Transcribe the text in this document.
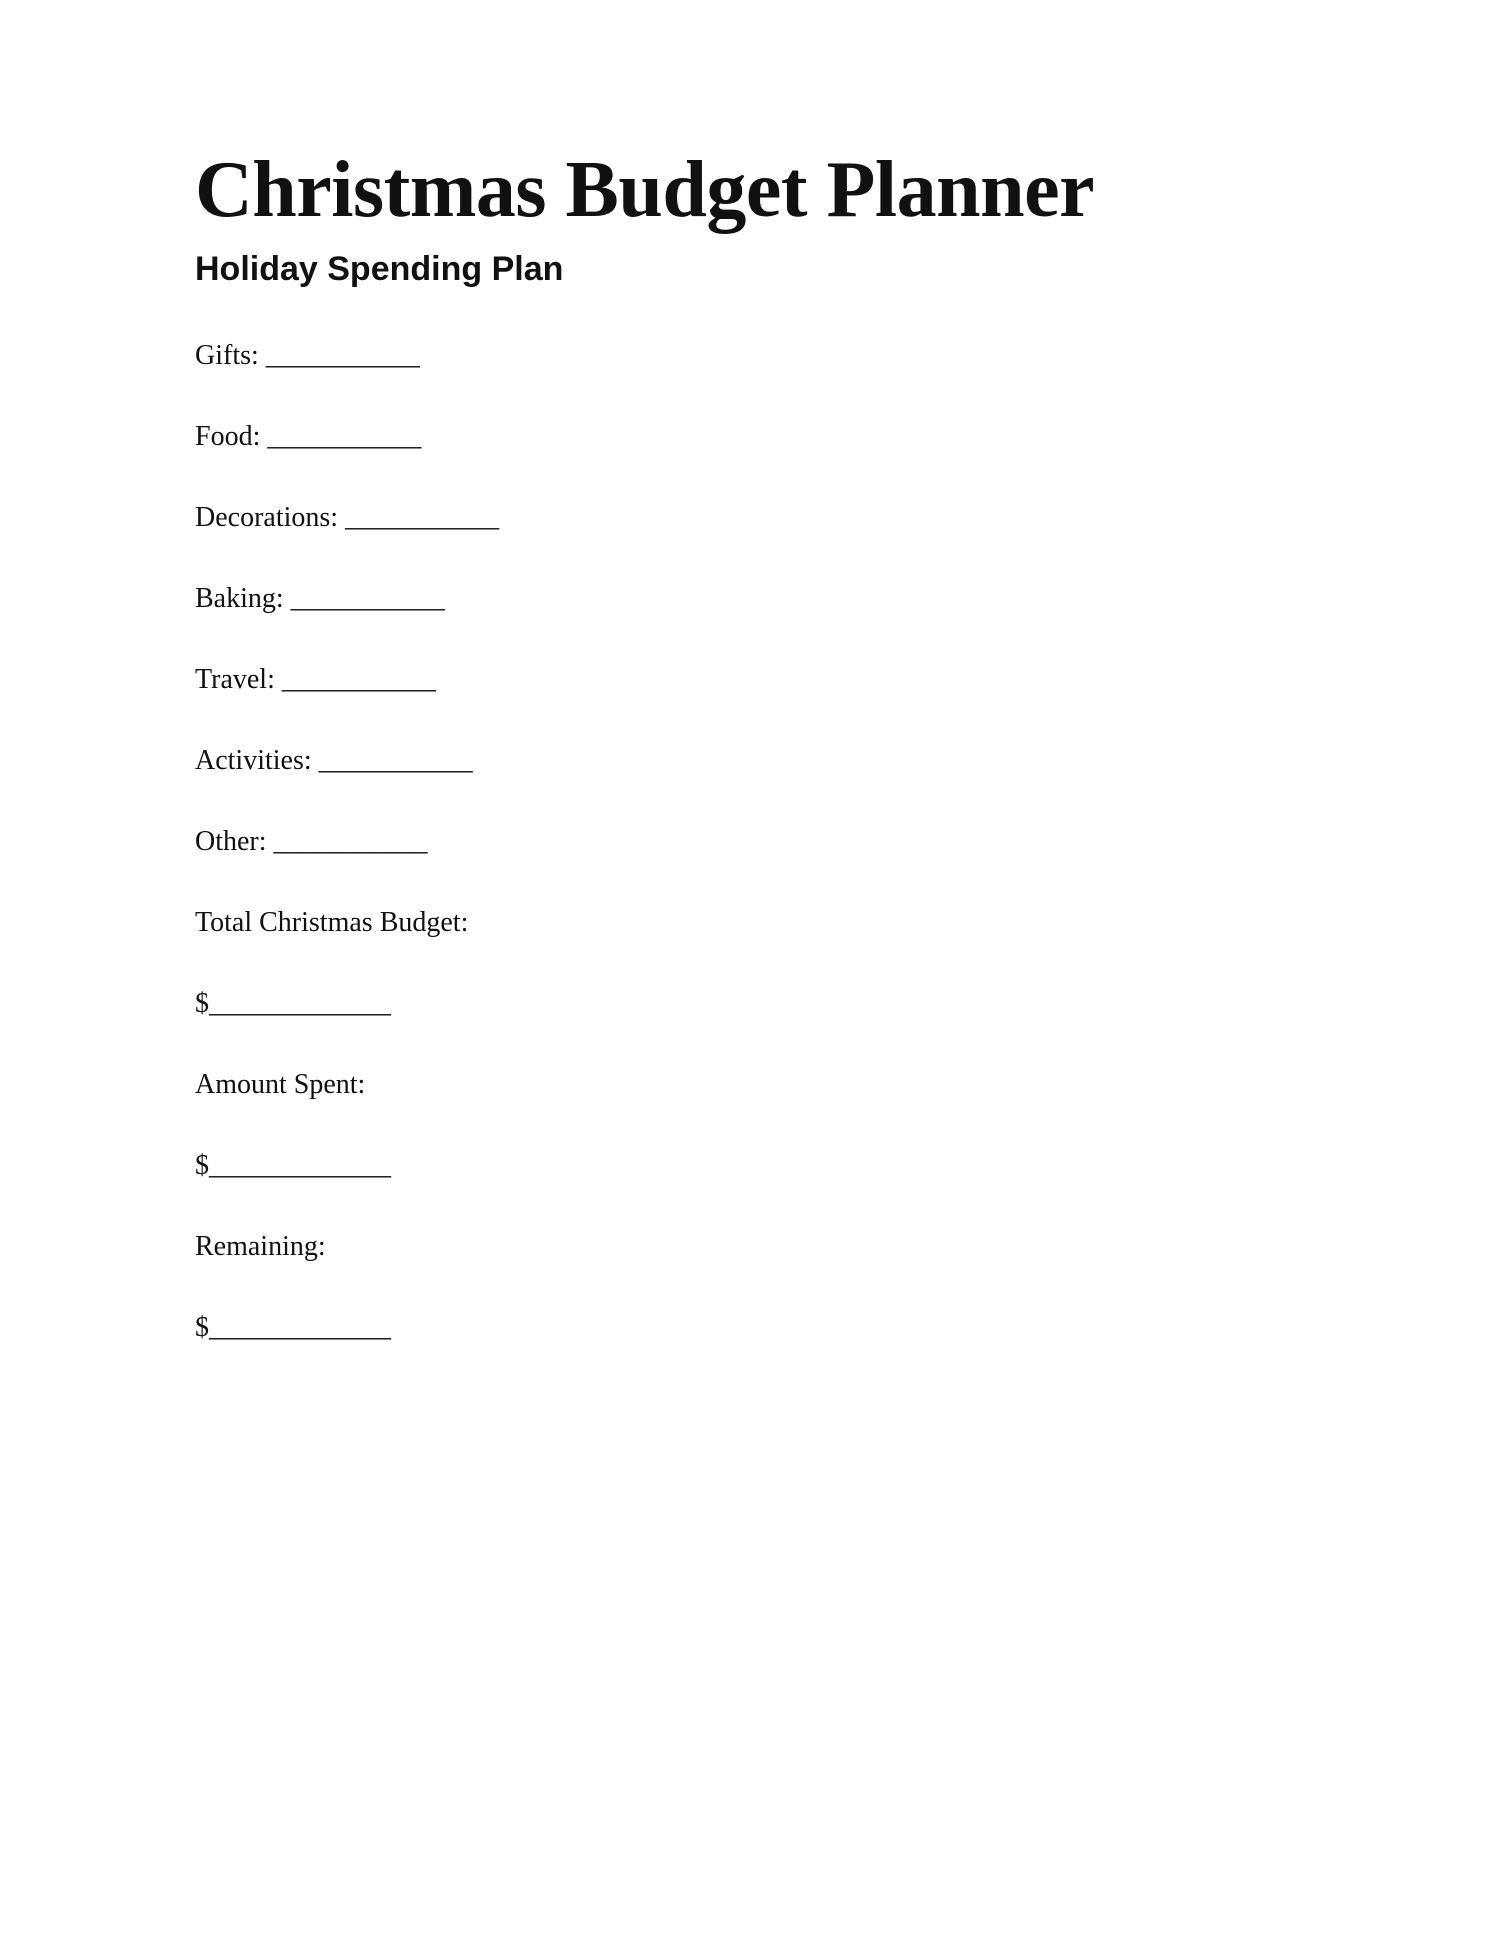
Christmas Budget Planner
Holiday Spending Plan
Gifts: ___________
Food: ___________
Decorations: ___________
Baking: ___________
Travel: ___________
Activities: ___________
Other: ___________
Total Christmas Budget:
$_____________
Amount Spent:
$_____________
Remaining:
$_____________
